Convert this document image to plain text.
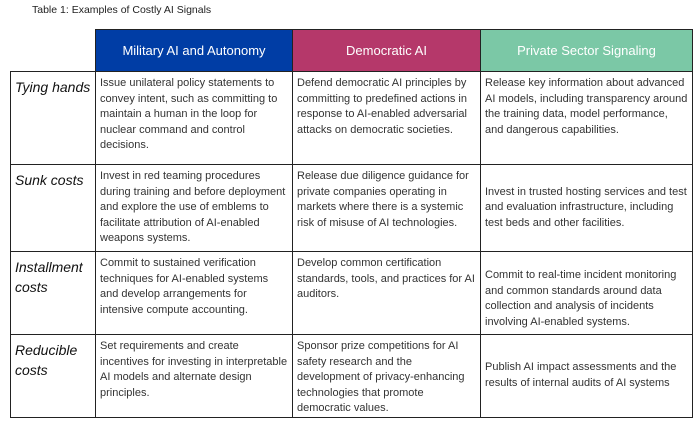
Table 1: Examples of Costly AI Signals
	Military AI and Autonomy	Democratic AI	Private Sector Signaling
Tying hands	Issue unilateral policy statements to convey intent, such as committing to maintain a human in the loop for nuclear command and control decisions.	Defend democratic AI principles by committing to predefined actions in response to AI-enabled adversarial attacks on democratic societies.	Release key information about advanced AI models, including transparency around the training data, model performance, and dangerous capabilities.
Sunk costs	Invest in red teaming procedures during training and before deployment and explore the use of emblems to facilitate attribution of AI-enabled weapons systems.	Release due diligence guidance for private companies operating in markets where there is a systemic risk of misuse of AI technologies.	Invest in trusted hosting services and test and evaluation infrastructure, including test beds and other facilities.
Installment costs	Commit to sustained verification techniques for AI-enabled systems and develop arrangements for intensive compute accounting.	Develop common certification standards, tools, and practices for AI auditors.	Commit to real-time incident monitoring and common standards around data collection and analysis of incidents involving AI-enabled systems.
Reducible costs	Set requirements and create incentives for investing in interpretable AI models and alternate design principles.	Sponsor prize competitions for AI safety research and the development of privacy-enhancing technologies that promote democratic values.	Publish AI impact assessments and the results of internal audits of AI systems
